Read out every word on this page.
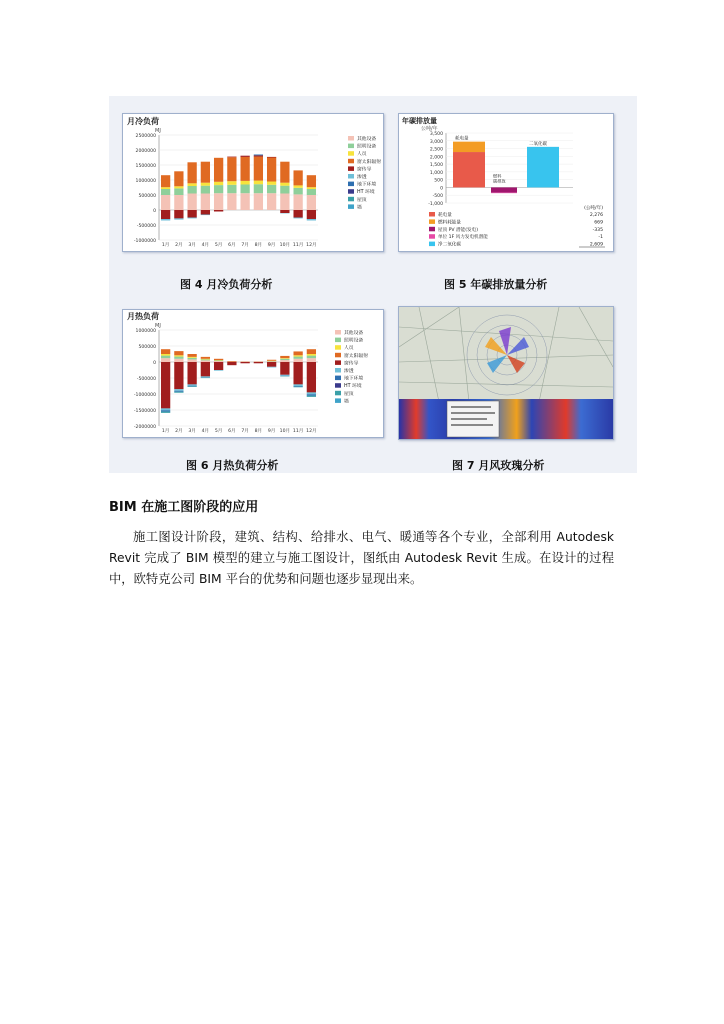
月冷负荷
MJ
2500000
2000000
1500000
1000000
500000
0
-500000
-1000000
1月 2月 3月 4月 5月 6月 7月 8月 9月 10月 11月 12月
其他设备
照明设备
人员
窗太阳辐射
窗传导
渗透
地下环境
HT 环境
屋顶
墙
图 4 月冷负荷分析
年碳排放量
公吨/年
3,500
3,000
2,500
2,000
1,500
1,000
500
0
-500
-1,000
耗电量
燃料
碳排放
二氧化碳
(公吨/年)
耗电量	2,276
燃料耗能量	669
屋顶 PV 潜能(发电)	-335
单位 1F 风力发电机潜能	-1
净二氧化碳	2,609
图 5 年碳排放量分析
月热负荷
MJ
1000000
500000
0
-500000
-1000000
-1500000
-2000000
1月 2月 3月 4月 5月 6月 7月 8月 9月 10月 11月 12月
其他设备
照明设备
人员
窗太阳辐射
窗传导
渗透
地下环境
HT 环境
屋顶
墙
图 6 月热负荷分析	图 7 月风玫瑰分析
BIM 在施工图阶段的应用
施工图设计阶段，建筑、结构、给排水、电气、暖通等各个专业，全部利用 Autodesk Revit 完成了 BIM 模型的建立与施工图设计，图纸由 Autodesk Revit 生成。在设计的过程中，欧特克公司 BIM 平台的优势和问题也逐步显现出来。
